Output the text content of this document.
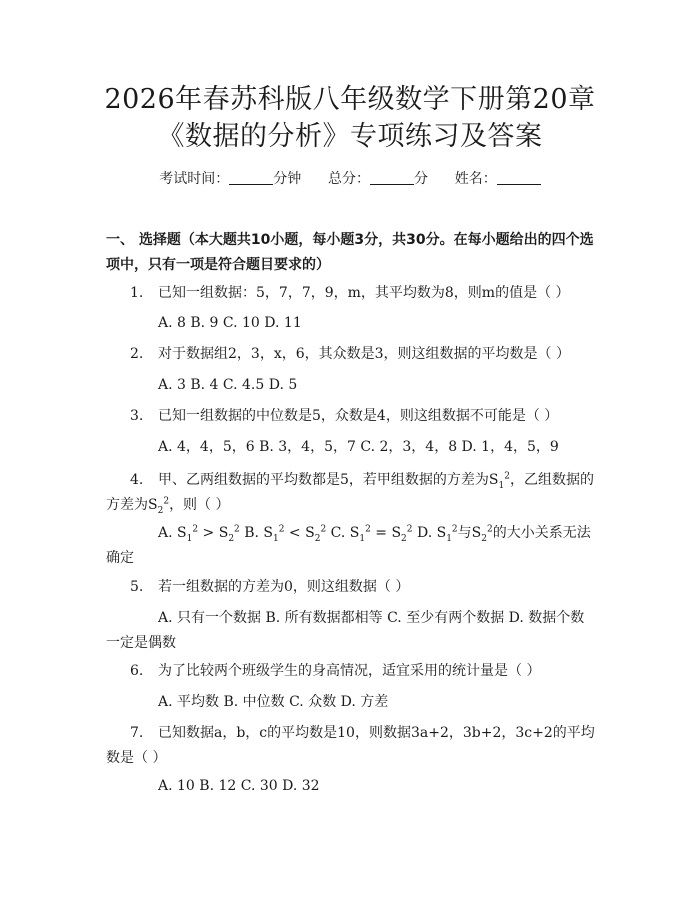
2026年春苏科版八年级数学下册第20章
《数据的分析》专项练习及答案
考试时间：	分钟 总分：	分 姓名：
一、 选择题（本大题共10小题，每小题3分，共30分。在每小题给出的四个选项中，只有一项是符合题目要求的）
1.	已知一组数据：5，7，7，9，m，其平均数为8，则m的值是（ ）
A. 8 B. 9 C. 10 D. 11
2.	对于数据组2，3，x，6，其众数是3，则这组数据的平均数是（ ）
A. 3 B. 4 C. 4.5 D. 5
3.	已知一组数据的中位数是5，众数是4，则这组数据不可能是（ ）
A. 4，4，5，6 B. 3，4，5，7 C. 2，3，4，8 D. 1，4，5，9
4.	甲、乙两组数据的平均数都是5，若甲组数据的方差为$S_1^2$，乙组数据的方差为$S_2^2$，则（ ）
A. $S_1^2 > S_2^2$ B. $S_1^2 < S_2^2$ C. $S_1^2 = S_2^2$ D. $S_1^2$与$S_2^2$的大小关系无法确定
5.	若一组数据的方差为0，则这组数据（ ）
A. 只有一个数据 B. 所有数据都相等 C. 至少有两个数据 D. 数据个数一定是偶数
6.	为了比较两个班级学生的身高情况，适宜采用的统计量是（ ）
A. 平均数 B. 中位数 C. 众数 D. 方差
7.	已知数据a，b，c的平均数是10，则数据3a+2，3b+2，3c+2的平均数是（ ）
A. 10 B. 12 C. 30 D. 32
